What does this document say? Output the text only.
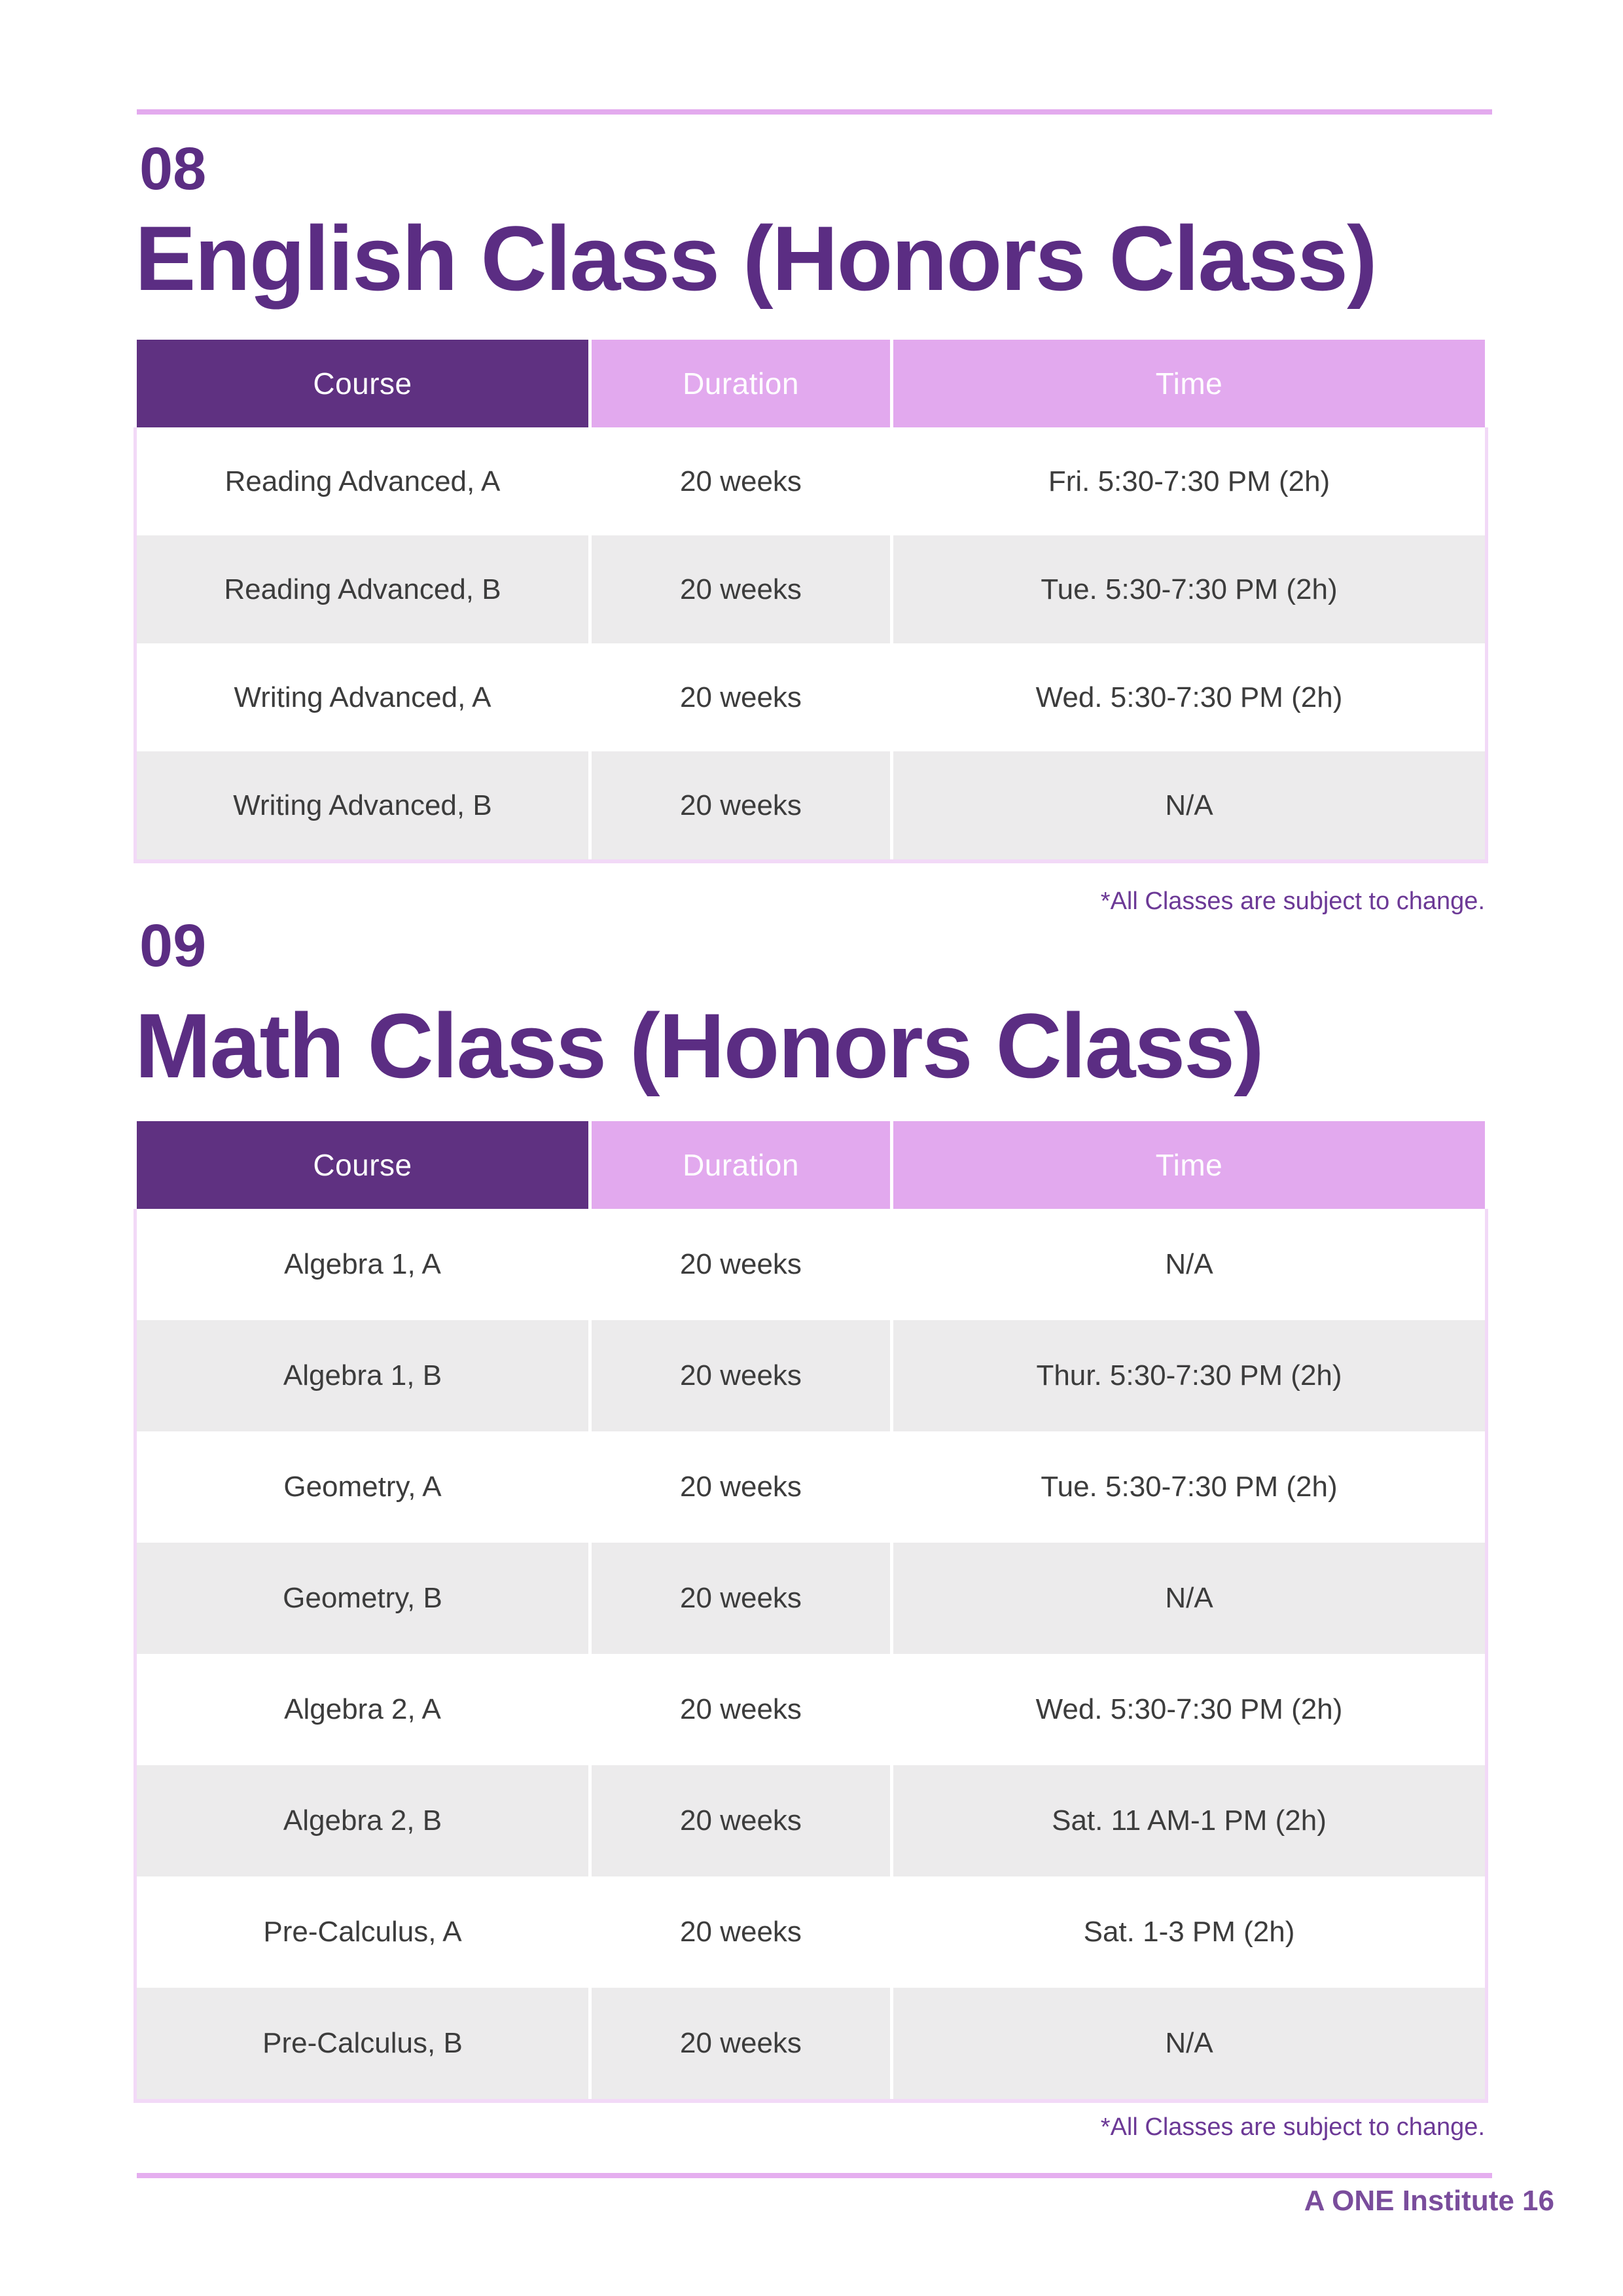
08
English Class (Honors Class)
Course	Duration	Time
Reading Advanced, A	20 weeks	Fri. 5:30-7:30 PM (2h)
Reading Advanced, B	20 weeks	Tue. 5:30-7:30 PM (2h)
Writing Advanced, A	20 weeks	Wed. 5:30-7:30 PM (2h)
Writing Advanced, B	20 weeks	N/A
*All Classes are subject to change.
09
Math Class (Honors Class)
Course	Duration	Time
Algebra 1, A	20 weeks	N/A
Algebra 1, B	20 weeks	Thur. 5:30-7:30 PM (2h)
Geometry, A	20 weeks	Tue. 5:30-7:30 PM (2h)
Geometry, B	20 weeks	N/A
Algebra 2, A	20 weeks	Wed. 5:30-7:30 PM (2h)
Algebra 2, B	20 weeks	Sat. 11 AM-1 PM (2h)
Pre-Calculus, A	20 weeks	Sat. 1-3 PM (2h)
Pre-Calculus, B	20 weeks	N/A
*All Classes are subject to change.
A ONE Institute 16
